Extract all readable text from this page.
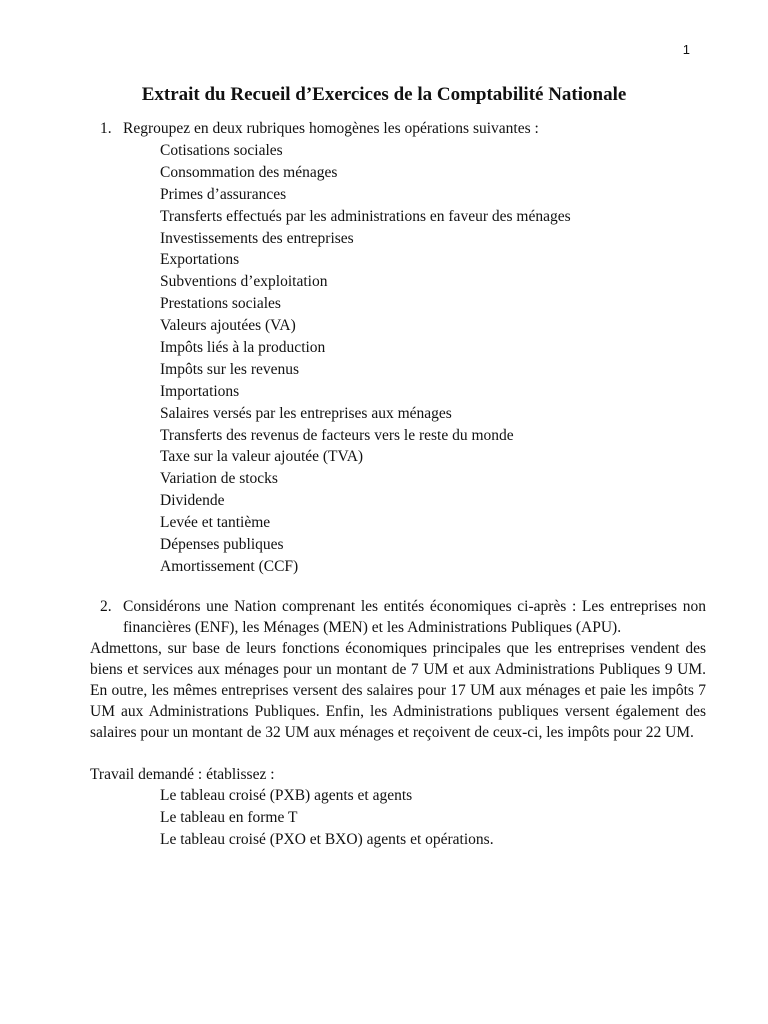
1
Extrait du Recueil d’Exercices de la Comptabilité Nationale
1. Regroupez en deux rubriques homogènes les opérations suivantes :
Cotisations sociales
Consommation des ménages
Primes d’assurances
Transferts effectués par les administrations en faveur des ménages
Investissements des entreprises
Exportations
Subventions d’exploitation
Prestations sociales
Valeurs ajoutées (VA)
Impôts liés à la production
Impôts sur les revenus
Importations
Salaires versés par les entreprises aux ménages
Transferts des revenus de facteurs vers le reste du monde
Taxe sur la valeur ajoutée (TVA)
Variation de stocks
Dividende
Levée et tantième
Dépenses publiques
Amortissement (CCF)
2. Considérons une Nation comprenant les entités économiques ci-après : Les entreprises non financières (ENF), les Ménages (MEN) et les Administrations Publiques (APU).

Admettons, sur base de leurs fonctions économiques principales que les entreprises vendent des biens et services aux ménages pour un montant de 7 UM et aux Administrations Publiques 9 UM. En outre, les mêmes entreprises versent des salaires pour 17 UM aux ménages et paie les impôts 7 UM aux Administrations Publiques. Enfin, les Administrations publiques versent également des salaires pour un montant de 32 UM aux ménages et reçoivent de ceux-ci, les impôts pour 22 UM.

Travail demandé : établissez :

Le tableau croisé (PXB) agents et agents
Le tableau en forme T
Le tableau croisé (PXO et BXO) agents et opérations.
